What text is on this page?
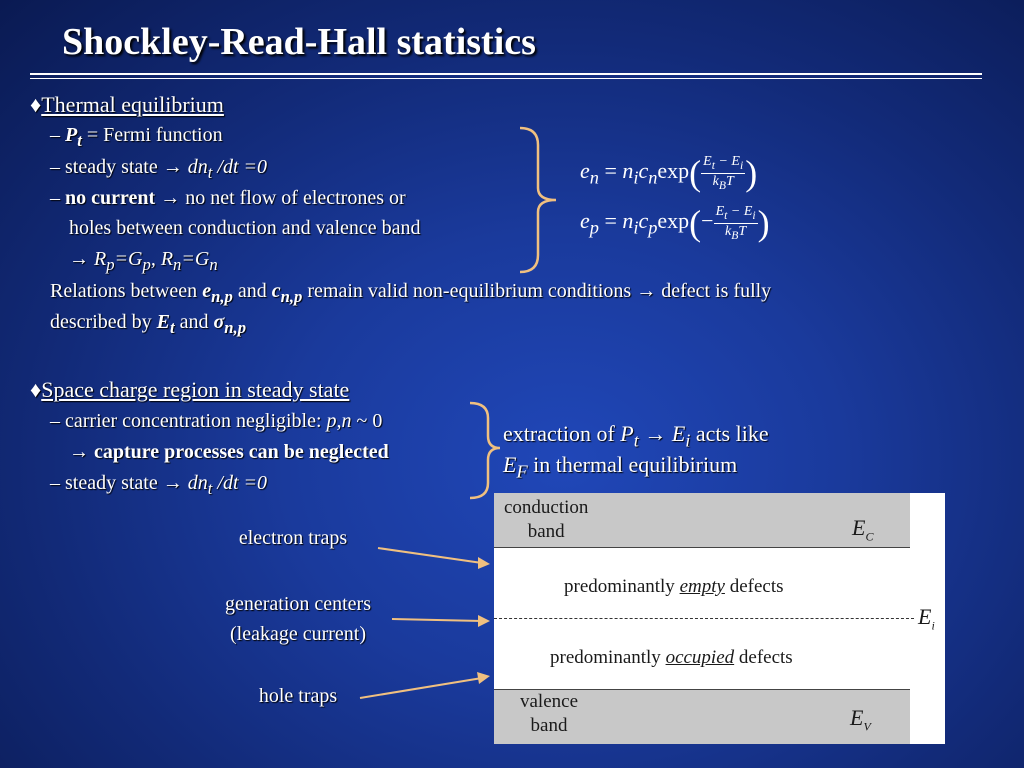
Shockley-Read-Hall statistics
♦Thermal equilibrium
– $P_t$ = Fermi function
– steady state → $dn_t$ /dt =0
– no current → no net flow of electrones or
holes between conduction and valence band
→ $R_p=G_p$, $R_n=G_n$
Relations between $e_{n,p}$ and $c_{n,p}$ remain valid non-equilibrium conditions → defect is fully
described by $E_t$ and $\sigma_{n,p}$
$e_n = n_ic_n\exp( \frac{E_t - E_i}{k_BT}$ )
$e_p = n_ic_p\exp(- \frac{E_t - E_i}{k_BT}$ )
♦Space charge region in steady state
– carrier concentration negligible: p,n ~ 0
→ capture processes can be neglected
– steady state → $dn_t$ /dt =0
extraction of $P_t \to E_i$ acts like
$E_F$ in thermal equilibirium
electron traps
generation centers
(leakage current)
hole traps
conduction
band	$E_C$
predominantly empty defects
$E_i$
predominantly occupied defects
valence
band	$E_V$
